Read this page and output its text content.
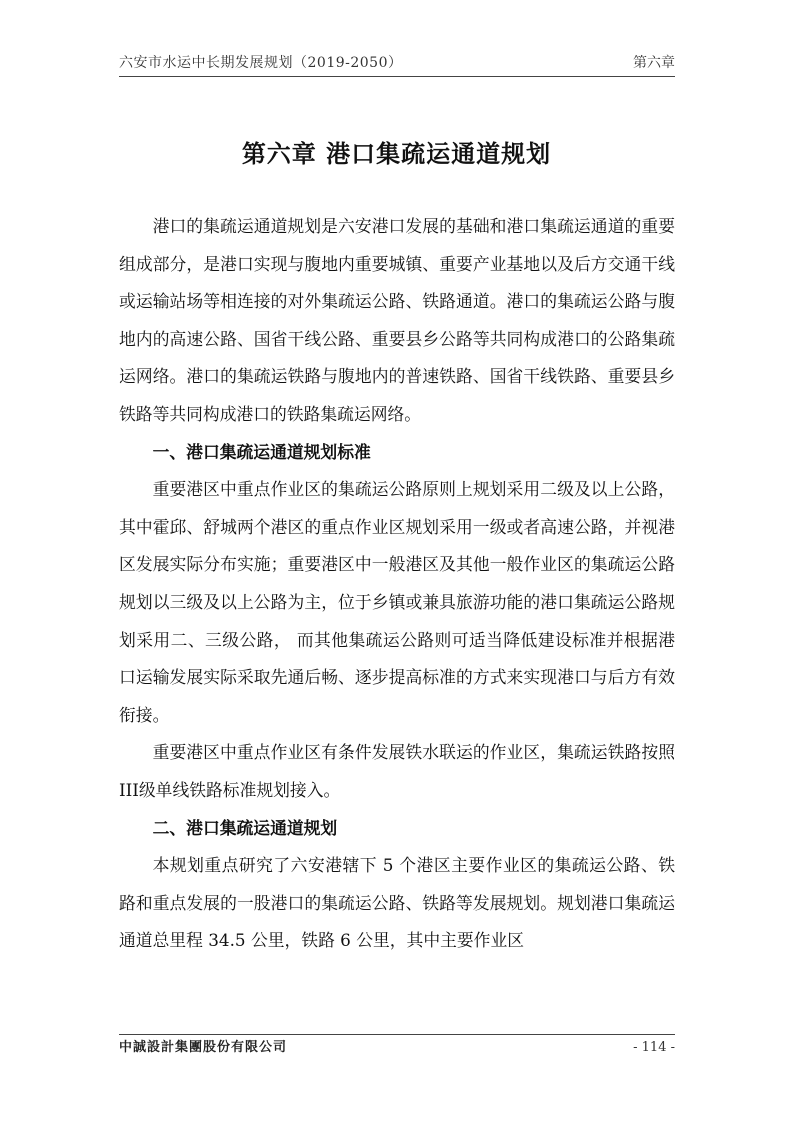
六安市水运中长期发展规划（2019-2050）	第六章
第六章 港口集疏运通道规划

港口的集疏运通道规划是六安港口发展的基础和港口集疏运通道的重要组成部分，是港口实现与腹地内重要城镇、重要产业基地以及后方交通干线或运输站场等相连接的对外集疏运公路、铁路通道。港口的集疏运公路与腹地内的高速公路、国省干线公路、重要县乡公路等共同构成港口的公路集疏运网络。港口的集疏运铁路与腹地内的普速铁路、国省干线铁路、重要县乡铁路等共同构成港口的铁路集疏运网络。

一、港口集疏运通道规划标准

重要港区中重点作业区的集疏运公路原则上规划采用二级及以上公路，其中霍邱、舒城两个港区的重点作业区规划采用一级或者高速公路，并视港区发展实际分布实施；重要港区中一般港区及其他一般作业区的集疏运公路规划以三级及以上公路为主，位于乡镇或兼具旅游功能的港口集疏运公路规划采用二、三级公路， 而其他集疏运公路则可适当降低建设标准并根据港口运输发展实际采取先通后畅、逐步提高标准的方式来实现港口与后方有效衔接。

重要港区中重点作业区有条件发展铁水联运的作业区，集疏运铁路按照III级单线铁路标准规划接入。

二、港口集疏运通道规划

本规划重点研究了六安港辖下 5 个港区主要作业区的集疏运公路、铁路和重点发展的一股港口的集疏运公路、铁路等发展规划。规划港口集疏运通道总里程 34.5 公里，铁路 6 公里，其中主要作业区

中誠設計集團股份有限公司	- 114 -
